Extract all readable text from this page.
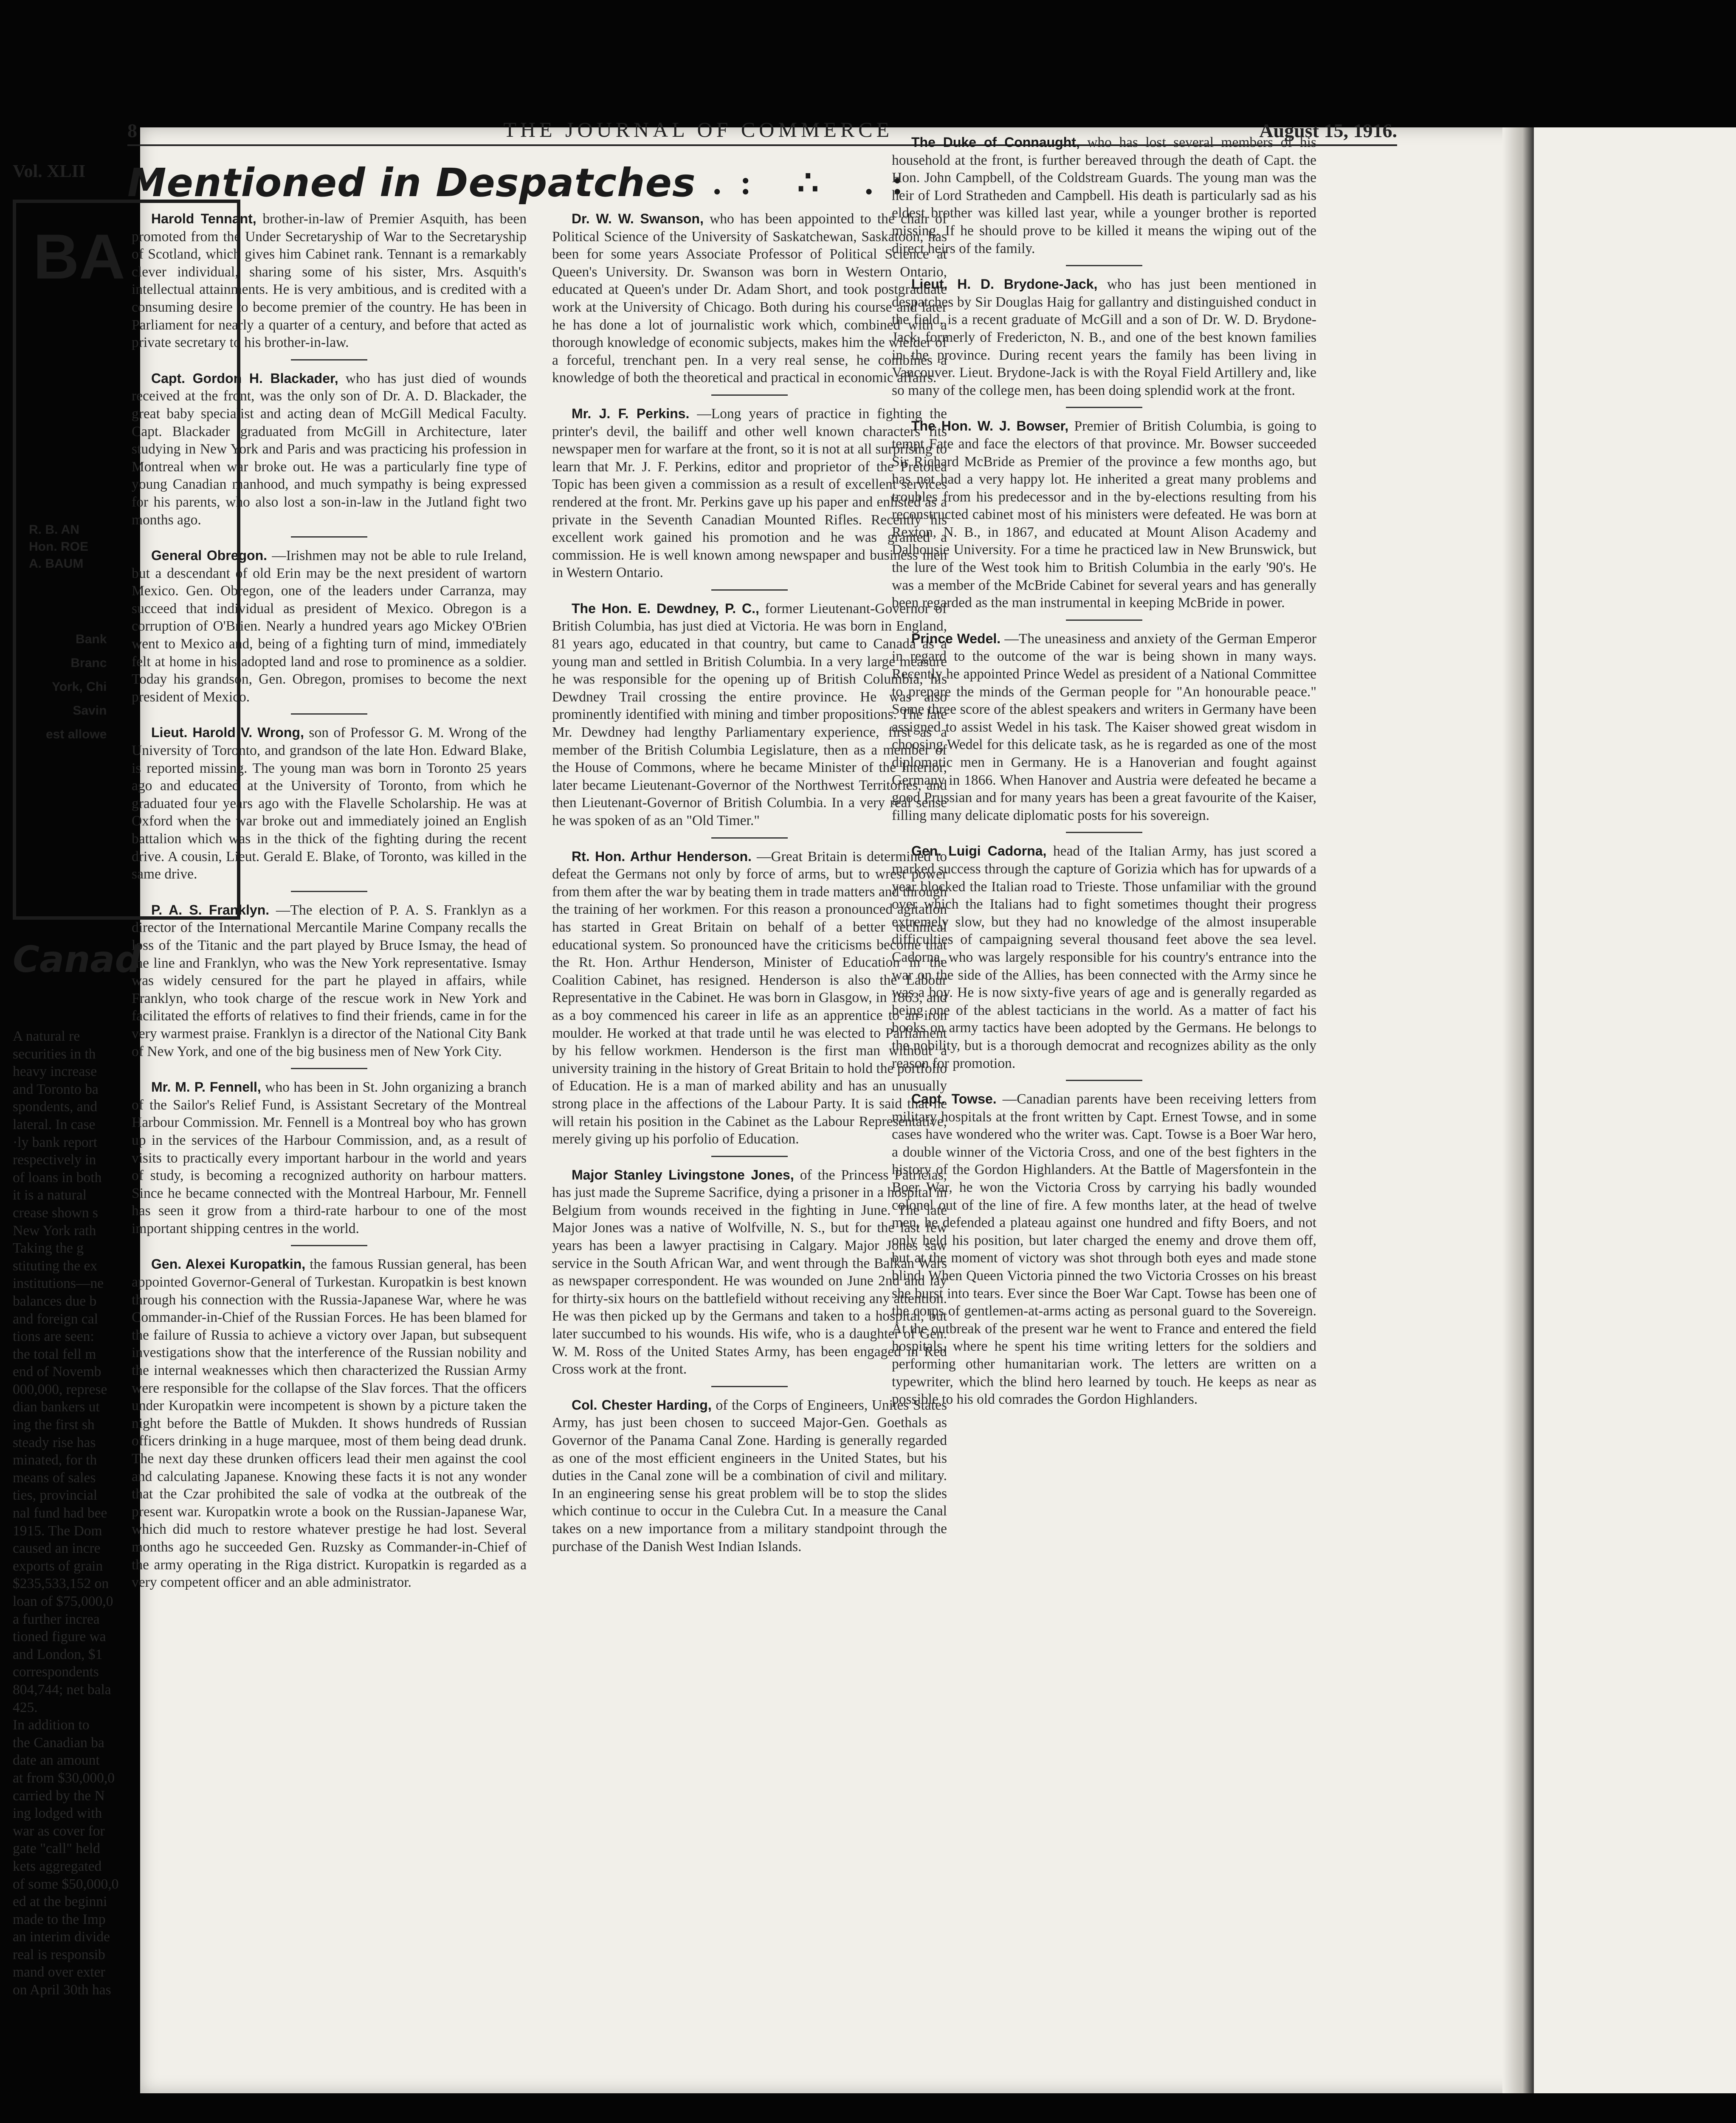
8	THE JOURNAL OF COMMERCE	August 15, 1916.
Mentioned in Despatches .: ∴ .:

Harold Tennant, brother-in-law of Premier Asquith, has been promoted from the Under Secretaryship of War to the Secretaryship of Scotland, which gives him Cabinet rank. Tennant is a remarkably clever individual, sharing some of his sister, Mrs. Asquith's intellectual attainments. He is very ambitious, and is credited with a consuming desire to become premier of the country. He has been in Parliament for nearly a quarter of a century, and before that acted as private secretary to his brother-in-law.

Capt. Gordon H. Blackader, who has just died of wounds received at the front, was the only son of Dr. A. D. Blackader, the great baby specialist and acting dean of McGill Medical Faculty. Capt. Blackader graduated from McGill in Architecture, later studying in New York and Paris and was practicing his profession in Montreal when war broke out. He was a particularly fine type of young Canadian manhood, and much sympathy is being expressed for his parents, who also lost a son-in-law in the Jutland fight two months ago.

General Obregon. —Irishmen may not be able to rule Ireland, but a descendant of old Erin may be the next president of wartorn Mexico. Gen. Obregon, one of the leaders under Carranza, may succeed that individual as president of Mexico. Obregon is a corruption of O'Brien. Nearly a hundred years ago Mickey O'Brien went to Mexico and, being of a fighting turn of mind, immediately felt at home in his adopted land and rose to prominence as a soldier. Today his grandson, Gen. Obregon, promises to become the next president of Mexico.

Lieut. Harold V. Wrong, son of Professor G. M. Wrong of the University of Toronto, and grandson of the late Hon. Edward Blake, is reported missing. The young man was born in Toronto 25 years ago and educated at the University of Toronto, from which he graduated four years ago with the Flavelle Scholarship. He was at Oxford when the war broke out and immediately joined an English battalion which was in the thick of the fighting during the recent drive. A cousin, Lieut. Gerald E. Blake, of Toronto, was killed in the same drive.

P. A. S. Franklyn. —The election of P. A. S. Franklyn as a director of the International Mercantile Marine Company recalls the loss of the Titanic and the part played by Bruce Ismay, the head of the line and Franklyn, who was the New York representative. Ismay was widely censured for the part he played in affairs, while Franklyn, who took charge of the rescue work in New York and facilitated the efforts of relatives to find their friends, came in for the very warmest praise. Franklyn is a director of the National City Bank of New York, and one of the big business men of New York City.

Mr. M. P. Fennell, who has been in St. John organizing a branch of the Sailor's Relief Fund, is Assistant Secretary of the Montreal Harbour Commission. Mr. Fennell is a Montreal boy who has grown up in the services of the Harbour Commission, and, as a result of visits to practically every important harbour in the world and years of study, is becoming a recognized authority on harbour matters. Since he became connected with the Montreal Harbour, Mr. Fennell has seen it grow from a third-rate harbour to one of the most important shipping centres in the world.

Gen. Alexei Kuropatkin, the famous Russian general, has been appointed Governor-General of Turkestan. Kuropatkin is best known through his connection with the Russia-Japanese War, where he was Commander-in-Chief of the Russian Forces. He has been blamed for the failure of Russia to achieve a victory over Japan, but subsequent investigations show that the interference of the Russian nobility and the internal weaknesses which then characterized the Russian Army were responsible for the collapse of the Slav forces. That the officers under Kuropatkin were incompetent is shown by a picture taken the night before the Battle of Mukden. It shows hundreds of Russian officers drinking in a huge marquee, most of them being dead drunk. The next day these drunken officers lead their men against the cool and calculating Japanese. Knowing these facts it is not any wonder that the Czar prohibited the sale of vodka at the outbreak of the present war. Kuropatkin wrote a book on the Russian-Japanese War, which did much to restore whatever prestige he had lost. Several months ago he succeeded Gen. Ruzsky as Commander-in-Chief of the army operating in the Riga district. Kuropatkin is regarded as a very competent officer and an able administrator.

Dr. W. W. Swanson, who has been appointed to the chair of Political Science of the University of Saskatchewan, Saskatoon, has been for some years Associate Professor of Political Science at Queen's University. Dr. Swanson was born in Western Ontario, educated at Queen's under Dr. Adam Short, and took postgraduate work at the University of Chicago. Both during his course and later he has done a lot of journalistic work which, combined with a thorough knowledge of economic subjects, makes him the wielder of a forceful, trenchant pen. In a very real sense, he combines a knowledge of both the theoretical and practical in economic affairs.

Mr. J. F. Perkins. —Long years of practice in fighting the printer's devil, the bailiff and other well known characters fits newspaper men for warfare at the front, so it is not at all surprising to learn that Mr. J. F. Perkins, editor and proprietor of the Pretolea Topic has been given a commission as a result of excellent services rendered at the front. Mr. Perkins gave up his paper and enlisted as a private in the Seventh Canadian Mounted Rifles. Recently his excellent work gained his promotion and he was granted a commission. He is well known among newspaper and business men in Western Ontario.

The Hon. E. Dewdney, P. C., former Lieutenant-Governor of British Columbia, has just died at Victoria. He was born in England, 81 years ago, educated in that country, but came to Canada as a young man and settled in British Columbia. In a very large measure he was responsible for the opening up of British Columbia, his Dewdney Trail crossing the entire province. He was also prominently identified with mining and timber propositions. The late Mr. Dewdney had lengthy Parliamentary experience, first as a member of the British Columbia Legislature, then as a member of the House of Commons, where he became Minister of the Interior, later became Lieutenant-Governor of the Northwest Territories, and then Lieutenant-Governor of British Columbia. In a very real sense he was spoken of as an "Old Timer."

Rt. Hon. Arthur Henderson. —Great Britain is determined to defeat the Germans not only by force of arms, but to wrest power from them after the war by beating them in trade matters and through the training of her workmen. For this reason a pronounced agitation has started in Great Britain on behalf of a better technical educational system. So pronounced have the criticisms become that the Rt. Hon. Arthur Henderson, Minister of Education in the Coalition Cabinet, has resigned. Henderson is also the Labour Representative in the Cabinet. He was born in Glasgow, in 1863, and as a boy commenced his career in life as an apprentice to an iron moulder. He worked at that trade until he was elected to Parliament by his fellow workmen. Henderson is the first man without a university training in the history of Great Britain to hold the portfolio of Education. He is a man of marked ability and has an unusually strong place in the affections of the Labour Party. It is said that he will retain his position in the Cabinet as the Labour Representative, merely giving up his porfolio of Education.

Major Stanley Livingstone Jones, of the Princess Patricias, has just made the Supreme Sacrifice, dying a prisoner in a hospital in Belgium from wounds received in the fighting in June. The late Major Jones was a native of Wolfville, N. S., but for the last few years has been a lawyer practising in Calgary. Major Jones saw service in the South African War, and went through the Balkan Wars as newspaper correspondent. He was wounded on June 2nd and lay for thirty-six hours on the battlefield without receiving any attention. He was then picked up by the Germans and taken to a hospital, but later succumbed to his wounds. His wife, who is a daughter of Gen. W. M. Ross of the United States Army, has been engaged in Red Cross work at the front.

Col. Chester Harding, of the Corps of Engineers, Unites States Army, has just been chosen to succeed Major-Gen. Goethals as Governor of the Panama Canal Zone. Harding is generally regarded as one of the most efficient engineers in the United States, but his duties in the Canal zone will be a combination of civil and military. In an engineering sense his great problem will be to stop the slides which continue to occur in the Culebra Cut. In a measure the Canal takes on a new importance from a military standpoint through the purchase of the Danish West Indian Islands.

The Duke of Connaught, who has lost several members of his household at the front, is further bereaved through the death of Capt. the Hon. John Campbell, of the Coldstream Guards. The young man was the heir of Lord Stratheden and Campbell. His death is particularly sad as his eldest brother was killed last year, while a younger brother is reported missing. If he should prove to be killed it means the wiping out of the direct heirs of the family.

Lieut. H. D. Brydone-Jack, who has just been mentioned in despatches by Sir Douglas Haig for gallantry and distinguished conduct in the field, is a recent graduate of McGill and a son of Dr. W. D. Brydone-Jack, formerly of Fredericton, N. B., and one of the best known families in the province. During recent years the family has been living in Vancouver. Lieut. Brydone-Jack is with the Royal Field Artillery and, like so many of the college men, has been doing splendid work at the front.

The Hon. W. J. Bowser, Premier of British Columbia, is going to tempt Fate and face the electors of that province. Mr. Bowser succeeded Sir Richard McBride as Premier of the province a few months ago, but has not had a very happy lot. He inherited a great many problems and troubles from his predecessor and in the by-elections resulting from his reconstructed cabinet most of his ministers were defeated. He was born at Rexton, N. B., in 1867, and educated at Mount Alison Academy and Dalhousie University. For a time he practiced law in New Brunswick, but the lure of the West took him to British Columbia in the early '90's. He was a member of the McBride Cabinet for several years and has generally been regarded as the man instrumental in keeping McBride in power.

Prince Wedel. —The uneasiness and anxiety of the German Emperor in regard to the outcome of the war is being shown in many ways. Recently he appointed Prince Wedel as president of a National Committee to prepare the minds of the German people for "An honourable peace." Some three score of the ablest speakers and writers in Germany have been assigned to assist Wedel in his task. The Kaiser showed great wisdom in choosing Wedel for this delicate task, as he is regarded as one of the most diplomatic men in Germany. He is a Hanoverian and fought against Germany in 1866. When Hanover and Austria were defeated he became a good Prussian and for many years has been a great favourite of the Kaiser, filling many delicate diplomatic posts for his sovereign.

Gen. Luigi Cadorna, head of the Italian Army, has just scored a marked success through the capture of Gorizia which has for upwards of a year blocked the Italian road to Trieste. Those unfamiliar with the ground over which the Italians had to fight sometimes thought their progress extremely slow, but they had no knowledge of the almost insuperable difficulties of campaigning several thousand feet above the sea level. Cadorna, who was largely responsible for his country's entrance into the war on the side of the Allies, has been connected with the Army since he was a boy. He is now sixty-five years of age and is generally regarded as being one of the ablest tacticians in the world. As a matter of fact his books on army tactics have been adopted by the Germans. He belongs to the nobility, but is a thorough democrat and recognizes ability as the only reason for promotion.

Capt. Towse. —Canadian parents have been receiving letters from military hospitals at the front written by Capt. Ernest Towse, and in some cases have wondered who the writer was. Capt. Towse is a Boer War hero, a double winner of the Victoria Cross, and one of the best fighters in the history of the Gordon Highlanders. At the Battle of Magersfontein in the Boer War, he won the Victoria Cross by carrying his badly wounded colonel out of the line of fire. A few months later, at the head of twelve men, he defended a plateau against one hundred and fifty Boers, and not only held his position, but later charged the enemy and drove them off, but at the moment of victory was shot through both eyes and made stone blind. When Queen Victoria pinned the two Victoria Crosses on his breast she burst into tears. Ever since the Boer War Capt. Towse has been one of the corps of gentlemen-at-arms acting as personal guard to the Sovereign. At the outbreak of the present war he went to France and entered the field hospitals, where he spent his time writing letters for the soldiers and performing other humanitarian work. The letters are written on a typewriter, which the blind hero learned by touch. He keeps as near as possible to his old comrades the Gordon Highlanders.

Vol. XLII
BA
R. B. AN
Hon. ROE
A. BAUM
Bank
Branc
York, Chi
Savin
est allowe
Canad
A natural re
securities in th
heavy increase
and Toronto ba
spondents, and
lateral. In case
·ly bank report
respectively in
of loans in both
it is a natural
crease shown s
New York rath
Taking the g
stituting the ex
institutions—ne
balances due b
and foreign cal
tions are seen:
the total fell m
end of Novemb
000,000, represe
dian bankers ut
ing the first sh
steady rise has
minated, for th
means of sales
ties, provincial
nal fund had bee
1915. The Dom
caused an incre
exports of grain
$235,533,152 on
loan of $75,000,0
a further increa
tioned figure wa
and London, $1
correspondents
804,744; net bala
425.
In addition to
the Canadian ba
date an amount
at from $30,000,0
carried by the N
ing lodged with
war as cover for
gate "call" held
kets aggregated
of some $50,000,0
ed at the beginni
made to the Imp
an interim divide
real is responsib
mand over exter
on April 30th has
